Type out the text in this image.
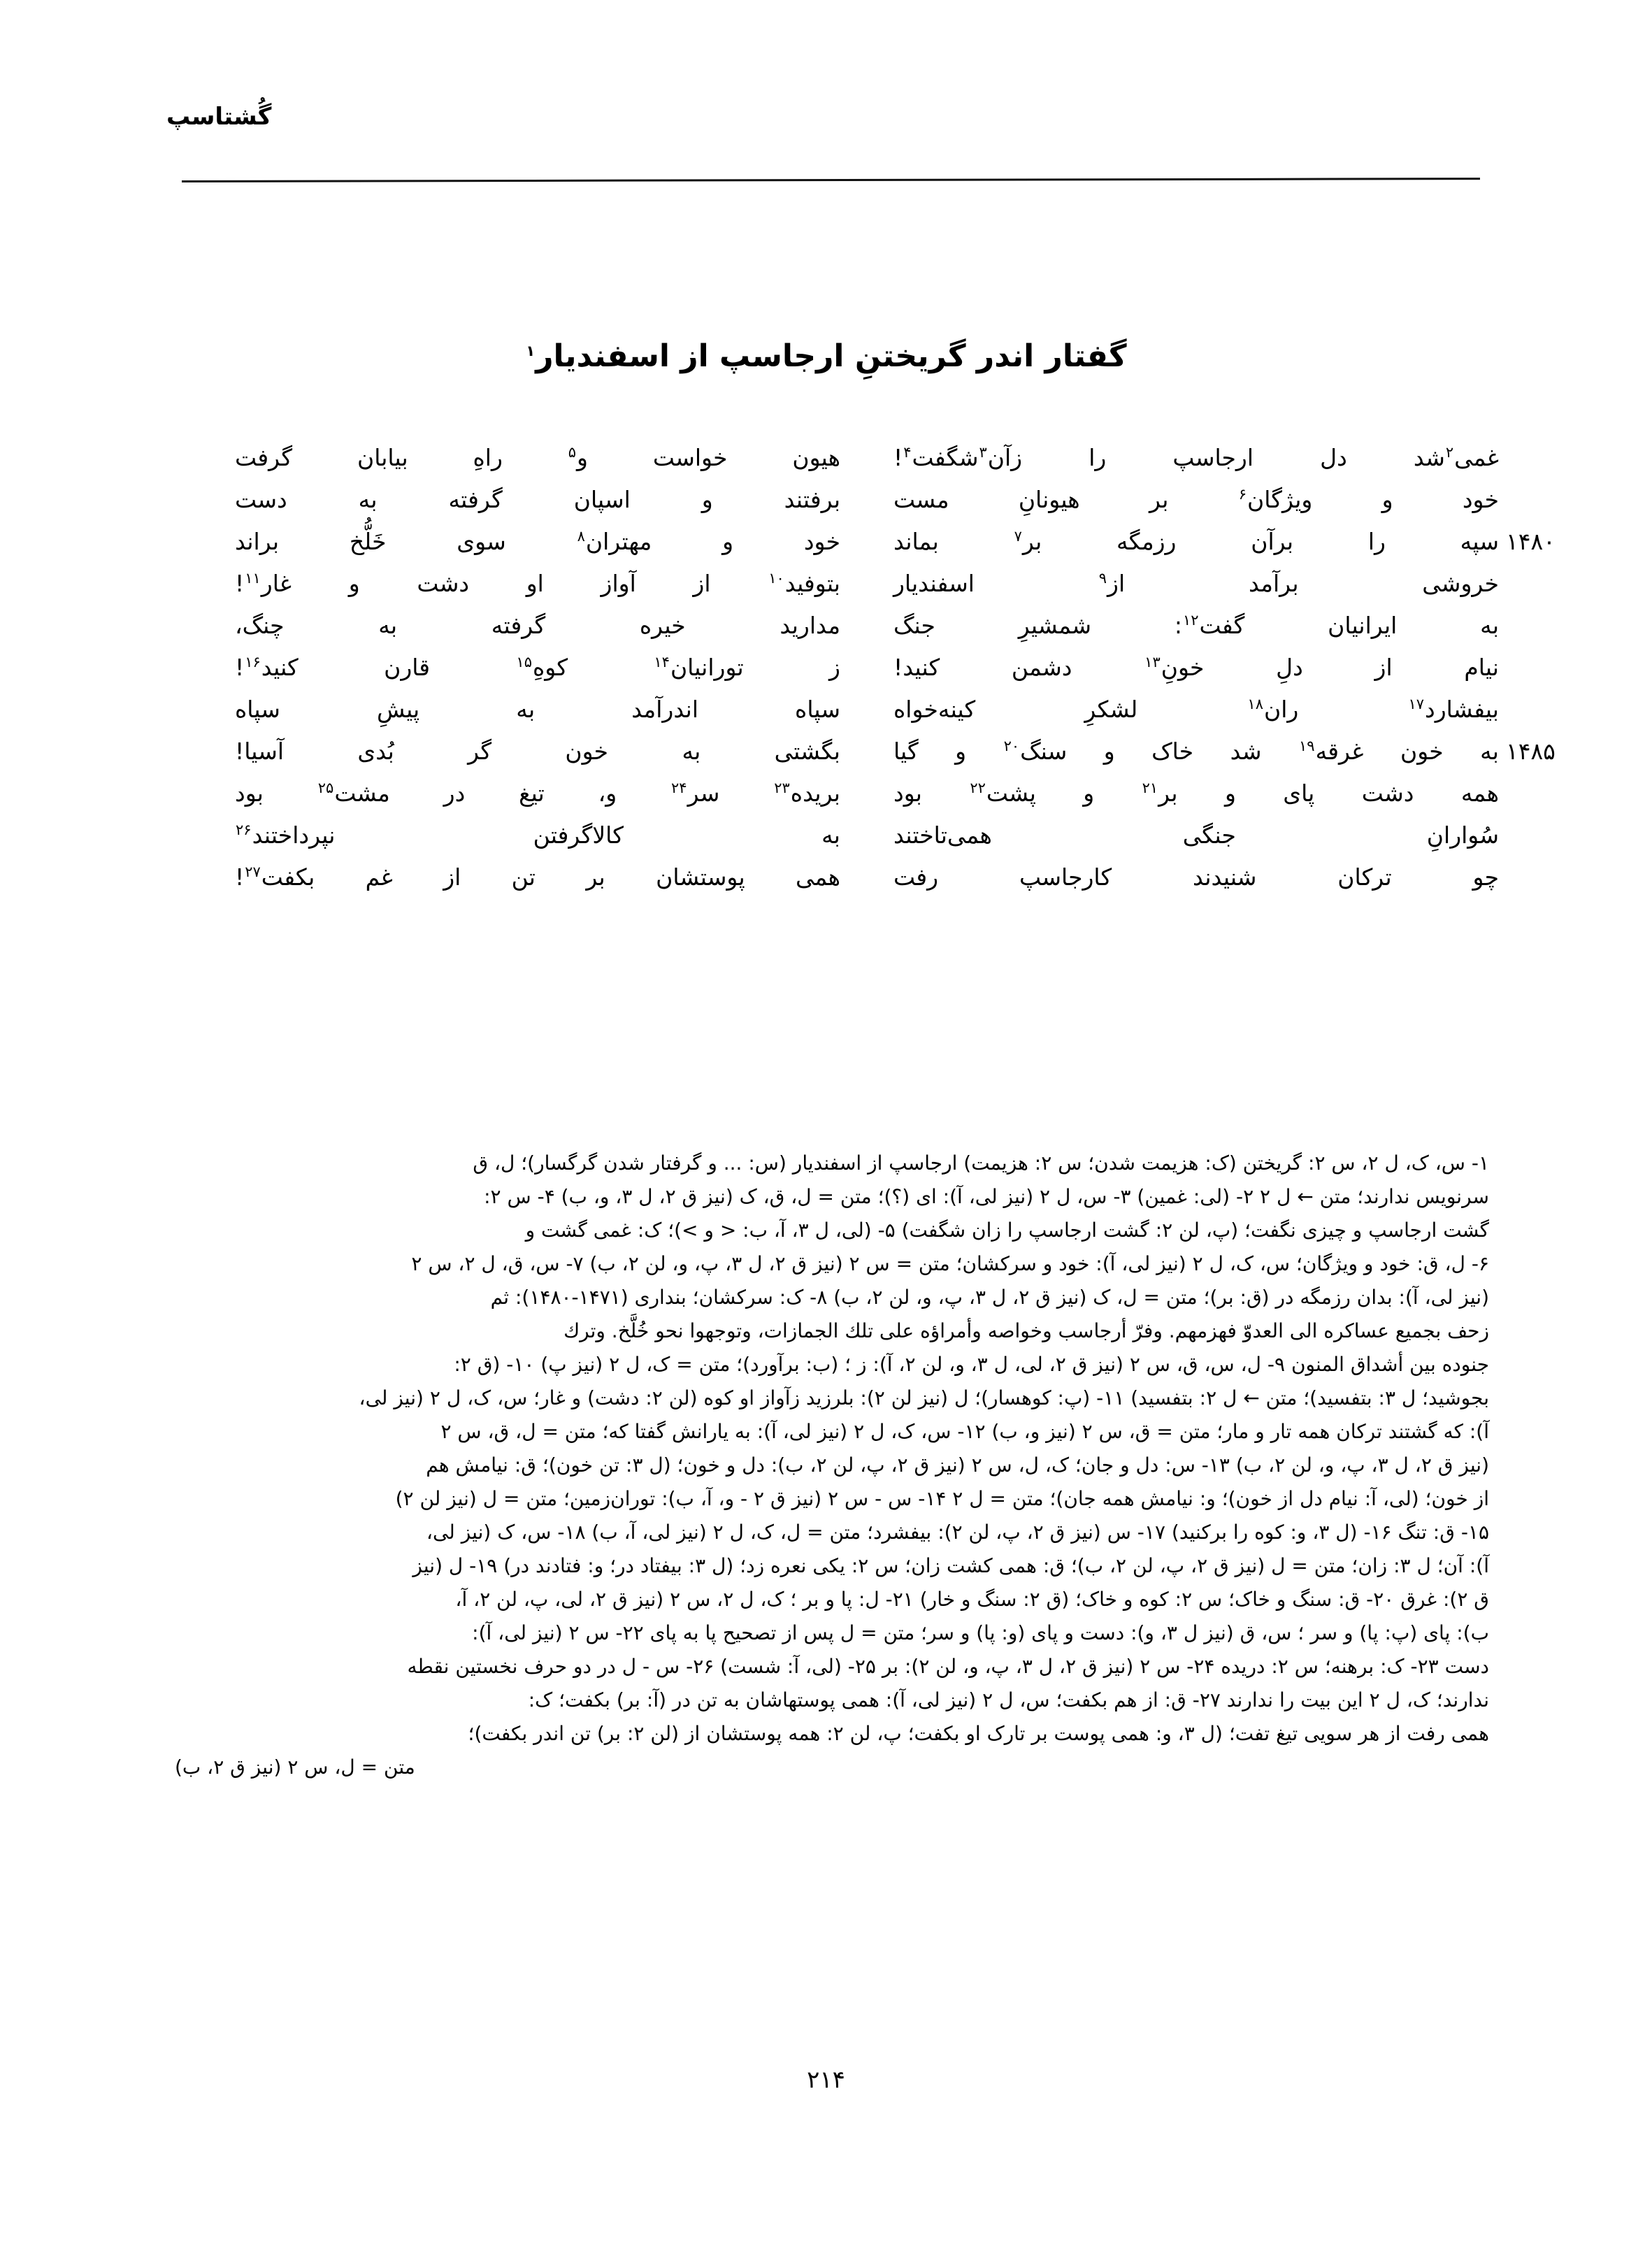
گُشتاسپ
گفتار اندر گریختنِ ارجاسپ از اسفندیار$^۱$
غمی$^۲$شد دل ارجاسپ را زآن$^۳$شگفت$^۴$!
هیون خواست و$^۵$ راهِ بیابان گرفت
خود و ویژگان$^۶$ بر هیونانِ مست
برفتند و اسپان گرفته به دست
۱۴۸۰
سپه را برآن رزمگه بر$^۷$ بماند
خود و مهتران$^۸$ سوی خَلُّخ براند
خروشی برآمد از$^۹$ اسفندیار
بتوفید$^{۱۰}$ از آواز او دشت و غار$^{۱۱}$!
به ایرانیان گفت$^{۱۲}$: شمشیرِ جنگ
مدارید خیره گرفته به چنگ،
نیام از دلِ خونِ$^{۱۳}$ دشمن کنید!
ز تورانیان$^{۱۴}$ کوهِ$^{۱۵}$ قارن کنید$^{۱۶}$!
بیفشارد$^{۱۷}$ ران$^{۱۸}$ لشکرِ کینه‌خواه
سپاه اندرآمد به پیشِ سپاه
۱۴۸۵
به خون غرقه$^{۱۹}$ شد خاک و سنگ$^{۲۰}$ و گیا
بگشتی به خون گر بُدی آسیا!
همه دشت پای و بر$^{۲۱}$ و پشت$^{۲۲}$ بود
بریده$^{۲۳}$ سر$^{۲۴}$ و، تیغ در مشت$^{۲۵}$ بود
سُوارانِ جنگی همی‌تاختند
به کالاگرفتن نپرداختند$^{۲۶}$
چو ترکان شنیدند کارجاسپ رفت
همی پوستشان بر تن از غم بکفت$^{۲۷}$!

۱- س، ک، ل ۲، س ۲: گریختن (ک: هزیمت شدن؛ س ۲: هزیمت) ارجاسپ از اسفندیار (س: ... و گرفتار شدن گرگسار)؛ ل، ق

سرنویس ندارند؛ متن ← ل ۲ ۲- (لی: غمین) ۳- س، ل ۲ (نیز لی، آ): ای (؟)؛ متن = ل، ق، ک (نیز ق ۲، ل ۳، و، ب) ۴- س ۲:

گشت ارجاسپ و چیزی نگفت؛ (پ، لن ۲: گشت ارجاسپ را زان شگفت) ۵- (لی، ل ۳، آ، ب: < و >)؛ ک: غمی گشت و

۶- ل، ق: خود و ویژگان؛ س، ک، ل ۲ (نیز لی، آ): خود و سرکشان؛ متن = س ۲ (نیز ق ۲، ل ۳، پ، و، لن ۲، ب) ۷- س، ق، ل ۲، س ۲

(نیز لی، آ): بدان رزمگه در (ق: بر)؛ متن = ل، ک (نیز ق ۲، ل ۳، پ، و، لن ۲، ب) ۸- ک: سرکشان؛ بنداری (۱۴۷۱-۱۴۸۰): ثم

زحف بجميع عساكره الى العدوّ فهزمهم. وفرّ أرجاسب وخواصه وأمراؤه على تلك الجمازات، وتوجهوا نحو خُلَّخ. وترك

جنوده بين أشداق المنون ۹- ل، س، ق، س ۲ (نیز ق ۲، لی، ل ۳، و، لن ۲، آ): ز ؛ (ب: برآورد)؛ متن = ک، ل ۲ (نیز پ) ۱۰- (ق ۲:

بجوشید؛ ل ۳: بتفسید)؛ متن ← ل ۲: بتفسید) ۱۱- (پ: کوهسار)؛ ل (نیز لن ۲): بلرزید زآواز او کوه (لن ۲: دشت) و غار؛ س، ک، ل ۲ (نیز لی،

آ): که گشتند ترکان همه تار و مار؛ متن = ق، س ۲ (نیز و، ب) ۱۲- س، ک، ل ۲ (نیز لی، آ): به یارانش گفتا که؛ متن = ل، ق، س ۲

(نیز ق ۲، ل ۳، پ، و، لن ۲، ب) ۱۳- س: دل و جان؛ ک، ل، س ۲ (نیز ق ۲، پ، لن ۲، ب): دل و خون؛ (ل ۳: تن خون)؛ ق: نیامش هم

از خون؛ (لی، آ: نیام دل از خون)؛ و: نیامش همه جان)؛ متن = ل ۲ ۱۴- س - س ۲ (نیز ق ۲ - و، آ، ب): توران‌زمین؛ متن = ل (نیز لن ۲)

۱۵- ق: تنگ ۱۶- (ل ۳، و: کوه را برکنید) ۱۷- س (نیز ق ۲، پ، لن ۲): بیفشرد؛ متن = ل، ک، ل ۲ (نیز لی، آ، ب) ۱۸- س، ک (نیز لی،

آ): آن؛ ل ۳: زان؛ متن = ل (نیز ق ۲، پ، لن ۲، ب)؛ ق: همی کشت زان؛ س ۲: یکی نعره زد؛ (ل ۳: بیفتاد در؛ و: فتادند در) ۱۹- ل (نیز

ق ۲): غرق ۲۰- ق: سنگ و خاک؛ س ۲: کوه و خاک؛ (ق ۲: سنگ و خار) ۲۱- ل: پا و بر ؛ ک، ل ۲، س ۲ (نیز ق ۲، لی، پ، لن ۲، آ،

ب): پای (پ: پا) و سر ؛ س، ق (نیز ل ۳، و): دست و پای (و: پا) و سر؛ متن = ل پس از تصحیح پا به پای ۲۲- س ۲ (نیز لی، آ):

دست ۲۳- ک: برهنه؛ س ۲: دریده ۲۴- س ۲ (نیز ق ۲، ل ۳، پ، و، لن ۲): بر ۲۵- (لی، آ: شست) ۲۶- س - ل در دو حرف نخستین نقطه

ندارند؛ ک، ل ۲ این بیت را ندارند ۲۷- ق: از هم بکفت؛ س، ل ۲ (نیز لی، آ): همی پوستهاشان به تن در (آ: بر) بکفت؛ ک:

همی رفت از هر سویی تیغ تفت؛ (ل ۳، و: همی پوست بر تارک او بکفت؛ پ، لن ۲: همه پوستشان از (لن ۲: بر) تن اندر بکفت)؛

متن = ل، س ۲ (نیز ق ۲، ب)

۲۱۴
